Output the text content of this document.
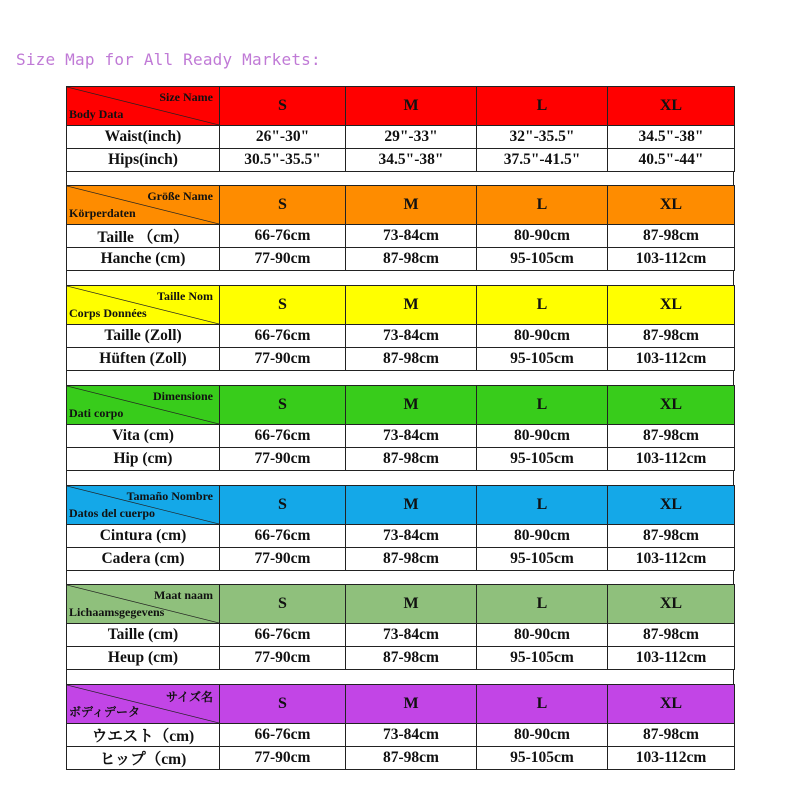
Size Map for All Ready Markets:
Size Name
Body Data	S	M	L	XL
Waist(inch)	26"-30"	29"-33"	32"-35.5"	34.5"-38"
Hips(inch)	30.5"-35.5"	34.5"-38"	37.5"-41.5"	40.5"-44"
Größe Name
Körperdaten	S	M	L	XL
Taille （cm）	66-76cm	73-84cm	80-90cm	87-98cm
Hanche (cm)	77-90cm	87-98cm	95-105cm	103-112cm
Taille Nom
Corps Données	S	M	L	XL
Taille (Zoll)	66-76cm	73-84cm	80-90cm	87-98cm
Hüften (Zoll)	77-90cm	87-98cm	95-105cm	103-112cm
Dimensione
Dati corpo	S	M	L	XL
Vita (cm)	66-76cm	73-84cm	80-90cm	87-98cm
Hip (cm)	77-90cm	87-98cm	95-105cm	103-112cm
Tamaño Nombre
Datos del cuerpo	S	M	L	XL
Cintura (cm)	66-76cm	73-84cm	80-90cm	87-98cm
Cadera (cm)	77-90cm	87-98cm	95-105cm	103-112cm
Maat naam
Lichaamsgegevens	S	M	L	XL
Taille (cm)	66-76cm	73-84cm	80-90cm	87-98cm
Heup (cm)	77-90cm	87-98cm	95-105cm	103-112cm
サイズ名
ボディデータ	S	M	L	XL
ウエスト（cm)	66-76cm	73-84cm	80-90cm	87-98cm
ヒップ（cm)	77-90cm	87-98cm	95-105cm	103-112cm
